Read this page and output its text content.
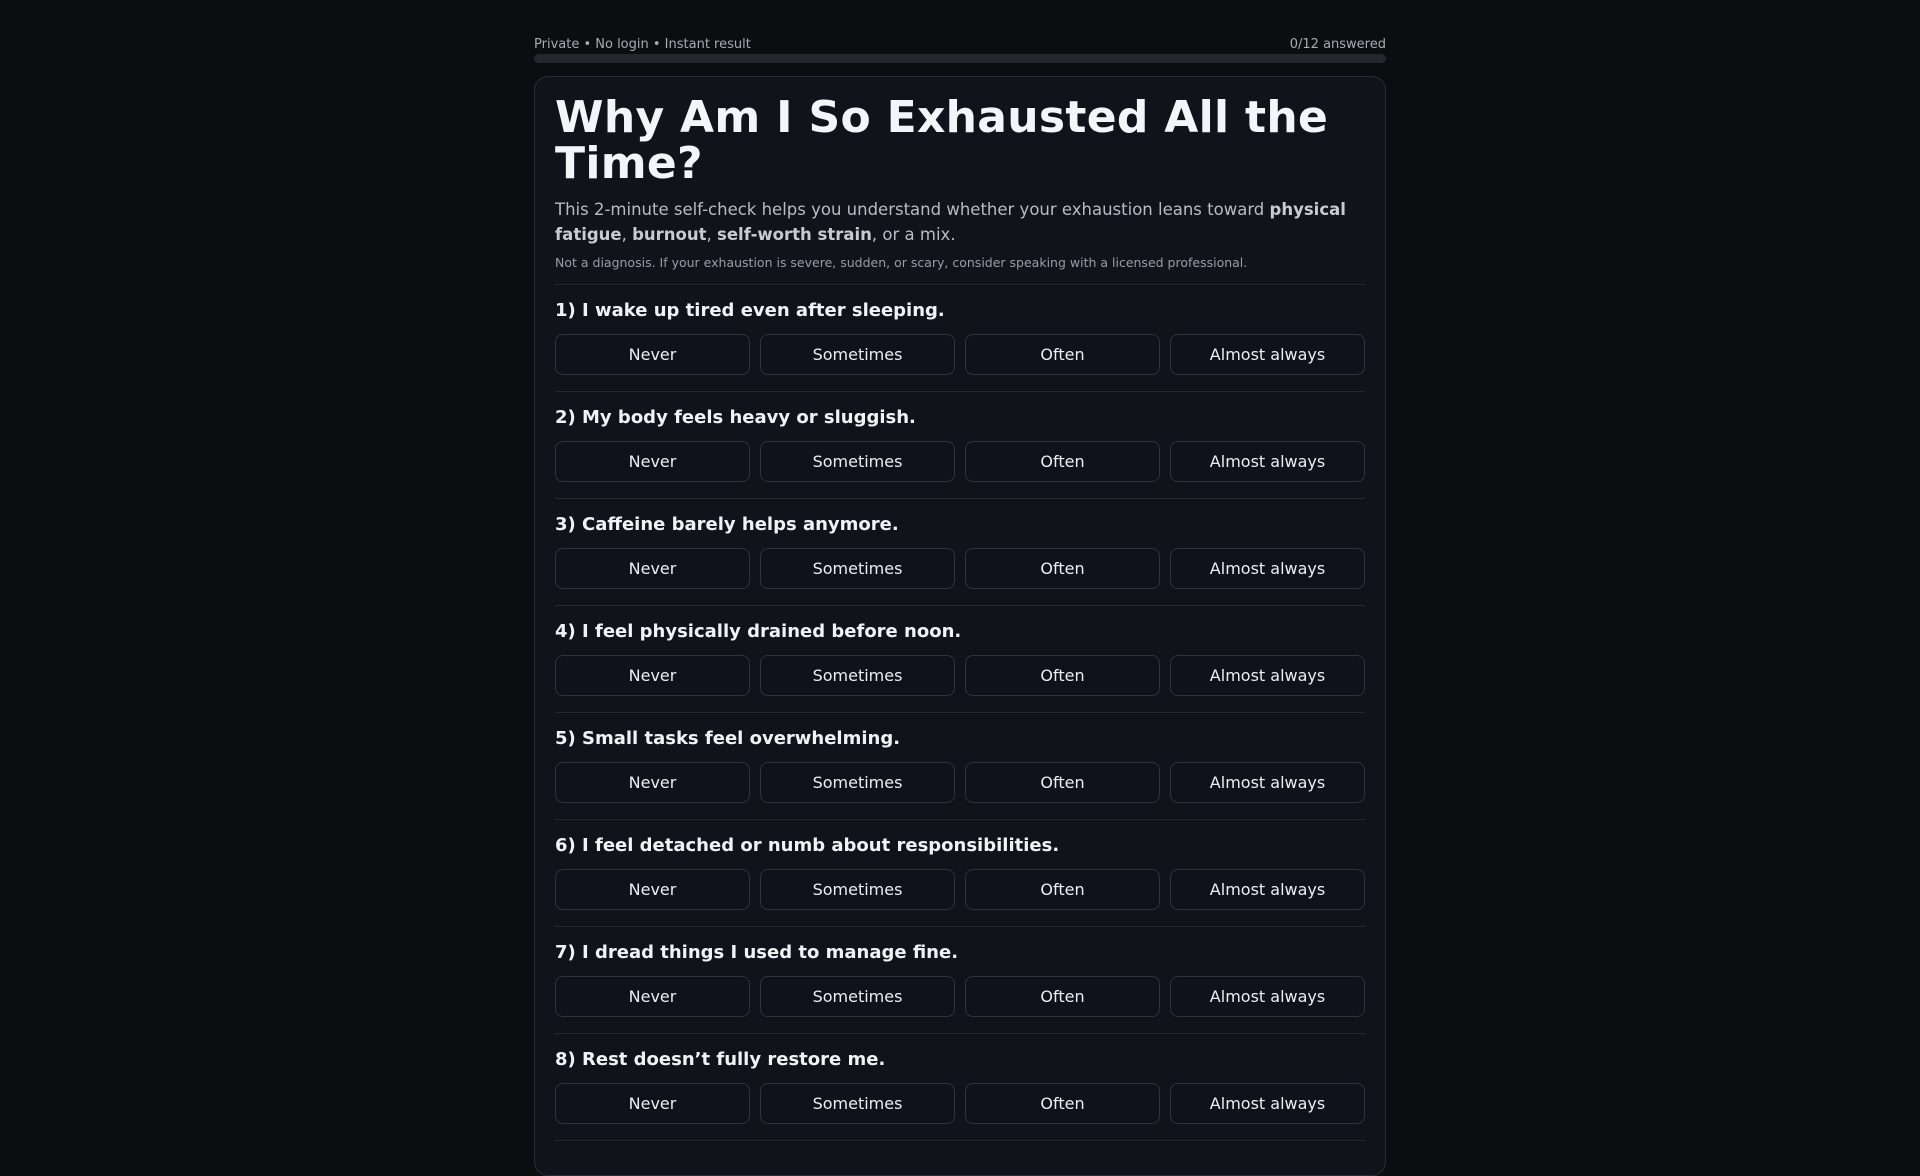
Private • No login • Instant result	0/12 answered
Why Am I So Exhausted All the Time?
This 2-minute self-check helps you understand whether your exhaustion leans toward physical fatigue, burnout, self-worth strain, or a mix.
Not a diagnosis. If your exhaustion is severe, sudden, or scary, consider speaking with a licensed professional.
1) I wake up tired even after sleeping.
Never	Sometimes	Often	Almost always
2) My body feels heavy or sluggish.
Never	Sometimes	Often	Almost always
3) Caffeine barely helps anymore.
Never	Sometimes	Often	Almost always
4) I feel physically drained before noon.
Never	Sometimes	Often	Almost always
5) Small tasks feel overwhelming.
Never	Sometimes	Often	Almost always
6) I feel detached or numb about responsibilities.
Never	Sometimes	Often	Almost always
7) I dread things I used to manage fine.
Never	Sometimes	Often	Almost always
8) Rest doesn’t fully restore me.
Never	Sometimes	Often	Almost always
